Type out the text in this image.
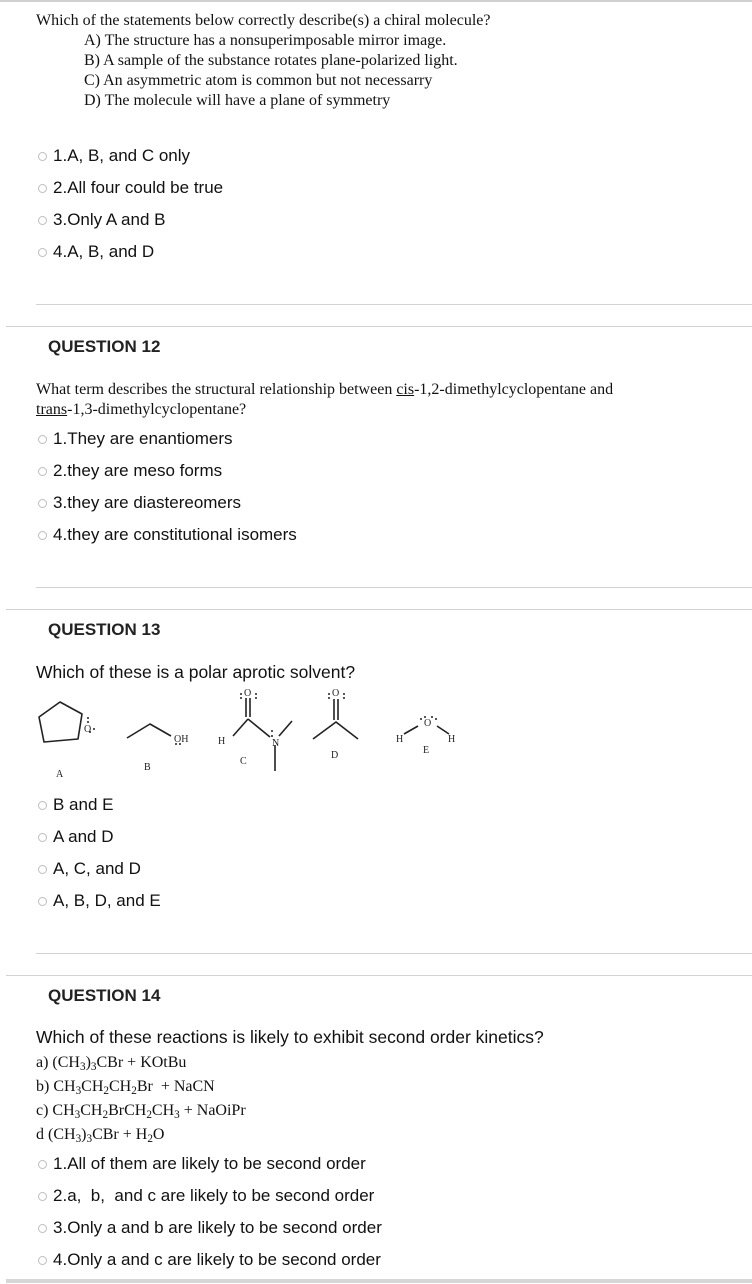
Which of the statements below correctly describe(s) a chiral molecule?
A) The structure has a nonsuperimposable mirror image.
B) A sample of the substance rotates plane-polarized light.
C) An asymmetric atom is common but not necessarry
D) The molecule will have a plane of symmetry
1. A, B, and C only
2. All four could be true
3. Only A and B
4. A, B, and D
QUESTION 12
What term describes the structural relationship between cis-1,2-dimethylcyclopentane and
trans-1,3-dimethylcyclopentane?
1. They are enantiomers
2. they are meso forms
3. they are diastereomers
4. they are constitutional isomers
QUESTION 13
Which of these is a polar aprotic solvent?
O
O	O
O
OH	H	N	H	H
A
B
C
D	E
B and E
A and D
A, C, and D
A, B, D, and E
QUESTION 14
Which of these reactions is likely to exhibit second order kinetics?
a) $(CH_3)_3CBr$ + KOtBu
b) $CH_3CH_2CH_2Br$  + NaCN
c) $CH_3CH_2BrCH_2CH_3$ + NaOiPr
d $(CH_3)_3CBr + H_2O$
1. All of them are likely to be second order
2. a,  b,  and c are likely to be second order
3. Only a and b are likely to be second order
4. Only a and c are likely to be second order
